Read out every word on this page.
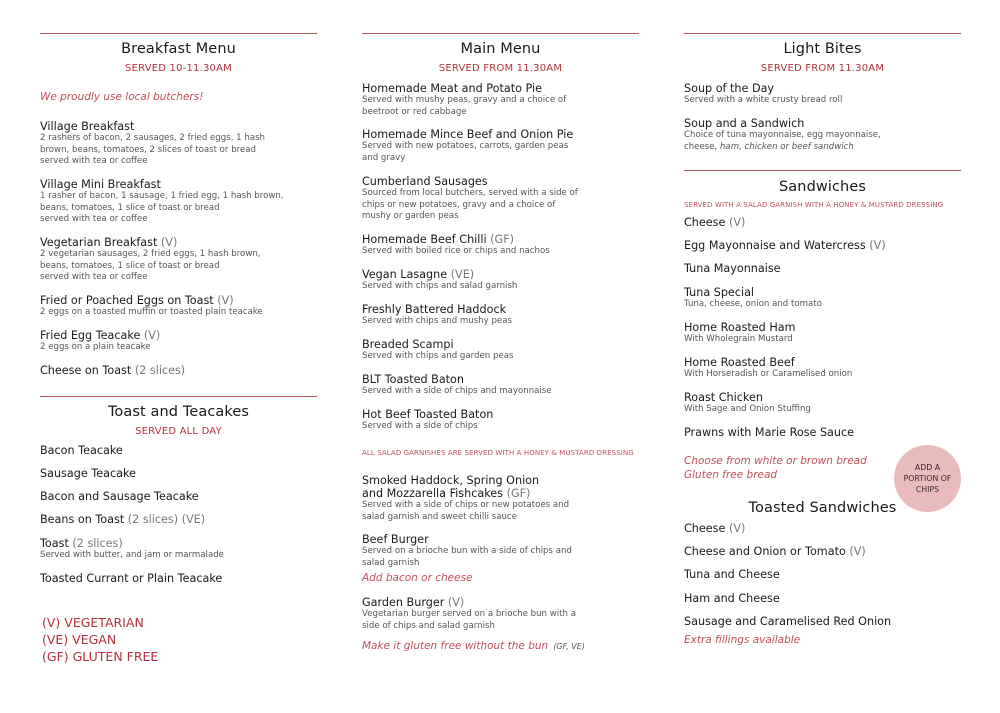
Breakfast Menu
SERVED 10-11.30AM
We proudly use local butchers!
Village Breakfast
2 rashers of bacon, 2 sausages, 2 fried eggs, 1 hash
brown, beans, tomatoes, 2 slices of toast or bread
served with tea or coffee
Village Mini Breakfast
1 rasher of bacon, 1 sausage, 1 fried egg, 1 hash brown,
beans, tomatoes, 1 slice of toast or bread
served with tea or coffee
Vegetarian Breakfast (V)
2 vegetarian sausages, 2 fried eggs, 1 hash brown,
beans, tomatoes, 1 slice of toast or bread
served with tea or coffee
Fried or Poached Eggs on Toast (V)
2 eggs on a toasted muffin or toasted plain teacake
Fried Egg Teacake (V)
2 eggs on a plain teacake
Cheese on Toast (2 slices)
Toast and Teacakes
SERVED ALL DAY
Bacon Teacake
Sausage Teacake
Bacon and Sausage Teacake
Beans on Toast (2 slices) (VE)
Toast (2 slices)
Served with butter, and jam or marmalade
Toasted Currant or Plain Teacake
(V) VEGETARIAN
(VE) VEGAN
(GF) GLUTEN FREE
Main Menu
SERVED FROM 11.30AM
Homemade Meat and Potato Pie
Served with mushy peas, gravy and a choice of
beetroot or red cabbage
Homemade Mince Beef and Onion Pie
Served with new potatoes, carrots, garden peas
and gravy
Cumberland Sausages
Sourced from local butchers, served with a side of
chips or new potatoes, gravy and a choice of
mushy or garden peas
Homemade Beef Chilli (GF)
Served with boiled rice or chips and nachos
Vegan Lasagne (VE)
Served with chips and salad garnish
Freshly Battered Haddock
Served with chips and mushy peas
Breaded Scampi
Served with chips and garden peas
BLT Toasted Baton
Served with a side of chips and mayonnaise
Hot Beef Toasted Baton
Served with a side of chips
ALL SALAD GARNISHES ARE SERVED WITH A HONEY & MUSTARD DRESSING
Smoked Haddock, Spring Onion
and Mozzarella Fishcakes (GF)
Served with a side of chips or new potatoes and
salad garnish and sweet chilli sauce
Beef Burger
Served on a brioche bun with a side of chips and
salad garnish
Add bacon or cheese
Garden Burger (V)
Vegetarian burger served on a brioche bun with a
side of chips and salad garnish
Make it gluten free without the bun (GF, VE)
Light Bites
SERVED FROM 11.30AM
Soup of the Day
Served with a white crusty bread roll
Soup and a Sandwich
Choice of tuna mayonnaise, egg mayonnaise,
cheese, ham, chicken or beef sandwich
Sandwiches
SERVED WITH A SALAD GARNISH WITH A HONEY & MUSTARD DRESSING
Cheese (V)
Egg Mayonnaise and Watercress (V)
Tuna Mayonnaise
Tuna Special
Tuna, cheese, onion and tomato
Home Roasted Ham
With Wholegrain Mustard
Home Roasted Beef
With Horseradish or Caramelised onion
Roast Chicken
With Sage and Onion Stuffing
Prawns with Marie Rose Sauce
Choose from white or brown bread
Gluten free bread
Toasted Sandwiches
Cheese (V)
Cheese and Onion or Tomato (V)
Tuna and Cheese
Ham and Cheese
Sausage and Caramelised Red Onion
Extra fillings available
ADD A
PORTION OF
CHIPS
